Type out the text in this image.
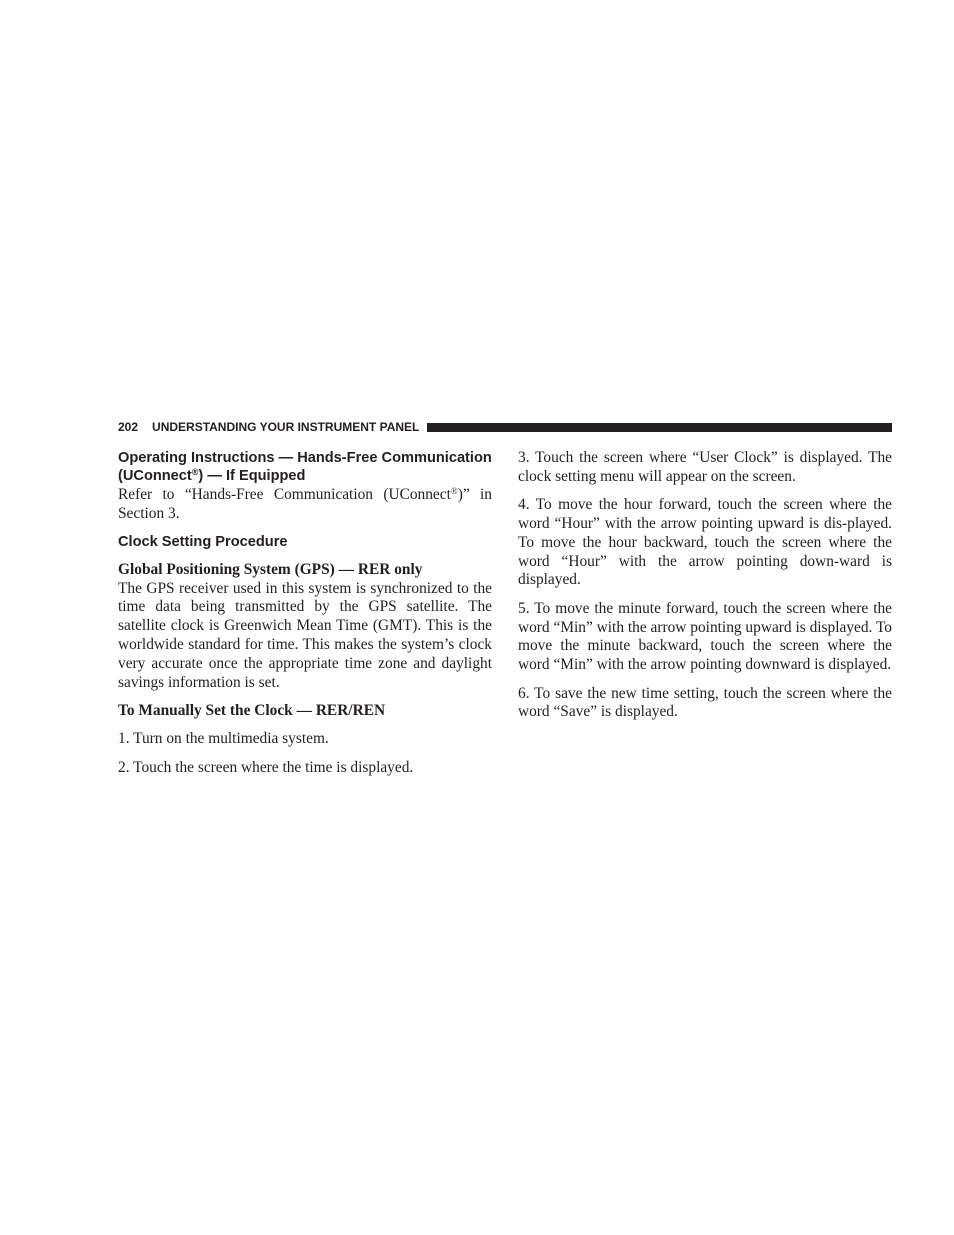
202 UNDERSTANDING YOUR INSTRUMENT PANEL
Operating Instructions — Hands-Free Communication (UConnect®) — If Equipped

Refer to “Hands-Free Communication (UConnect®)” in Section 3.

Clock Setting Procedure
Global Positioning System (GPS) — RER only

The GPS receiver used in this system is synchronized to the time data being transmitted by the GPS satellite. The satellite clock is Greenwich Mean Time (GMT). This is the worldwide standard for time. This makes the system’s clock very accurate once the appropriate time zone and daylight savings information is set.

To Manually Set the Clock — RER/REN

1. Turn on the multimedia system.

2. Touch the screen where the time is displayed.

3. Touch the screen where “User Clock” is displayed. The clock setting menu will appear on the screen.

4. To move the hour forward, touch the screen where the word “Hour” with the arrow pointing upward is dis-played. To move the hour backward, touch the screen where the word “Hour” with the arrow pointing down-ward is displayed.

5. To move the minute forward, touch the screen where the word “Min” with the arrow pointing upward is displayed. To move the minute backward, touch the screen where the word “Min” with the arrow pointing downward is displayed.

6. To save the new time setting, touch the screen where the word “Save” is displayed.
